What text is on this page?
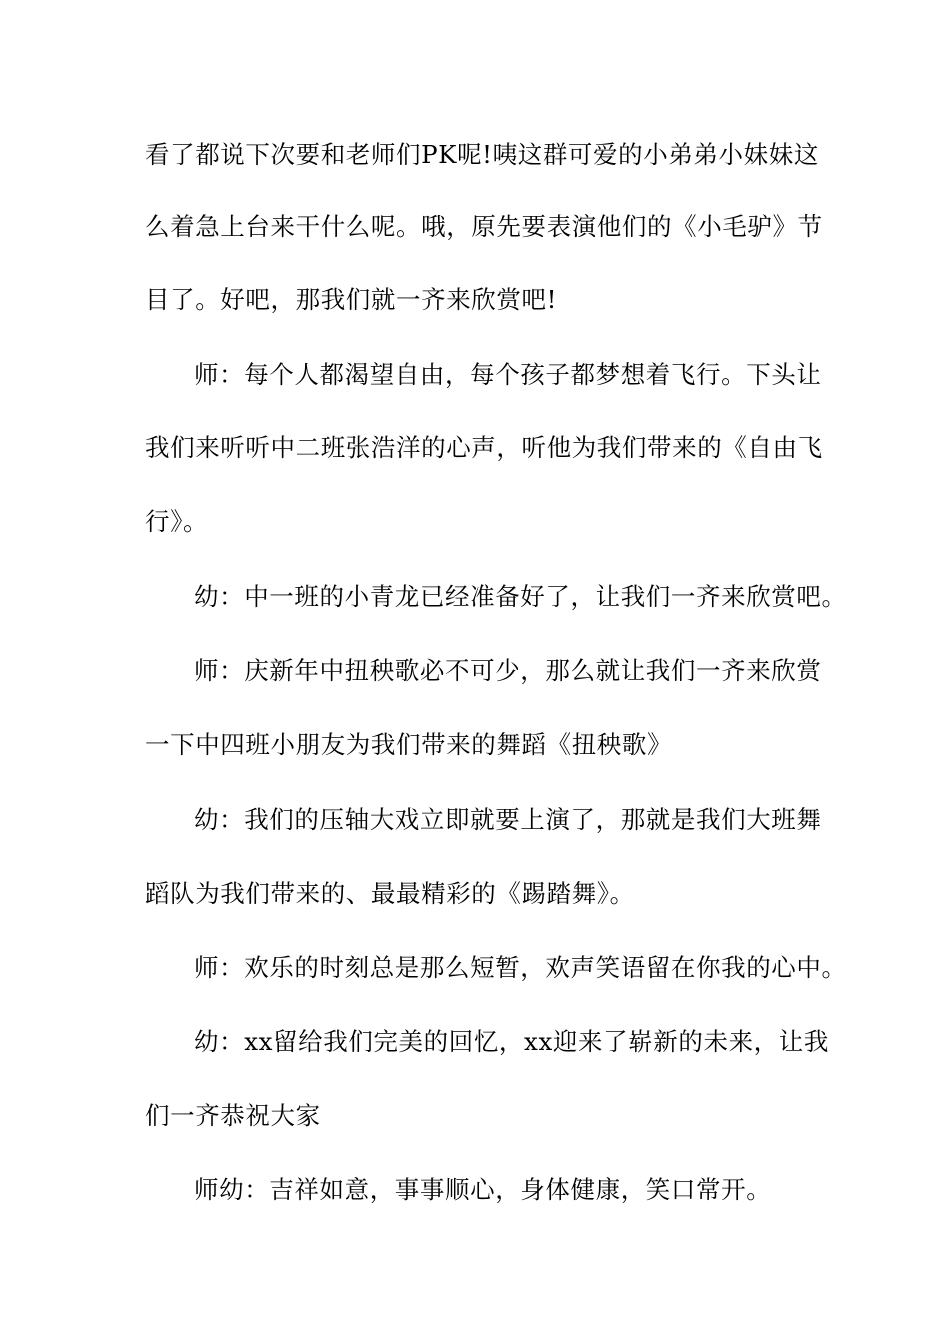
看了都说下次要和老师们PK呢!咦这群可爱的小弟弟小妹妹这
么着急上台来干什么呢。哦，原先要表演他们的《小毛驴》节
目了。好吧，那我们就一齐来欣赏吧!
师：每个人都渴望自由，每个孩子都梦想着飞行。下头让
我们来听听中二班张浩洋的心声，听他为我们带来的《自由飞
行》。
幼：中一班的小青龙已经准备好了，让我们一齐来欣赏吧。
师：庆新年中扭秧歌必不可少，那么就让我们一齐来欣赏
一下中四班小朋友为我们带来的舞蹈《扭秧歌》
幼：我们的压轴大戏立即就要上演了，那就是我们大班舞
蹈队为我们带来的、最最精彩的《踢踏舞》。
师：欢乐的时刻总是那么短暂，欢声笑语留在你我的心中。
幼：xx留给我们完美的回忆，xx迎来了崭新的未来，让我
们一齐恭祝大家
师幼：吉祥如意，事事顺心，身体健康，笑口常开。
